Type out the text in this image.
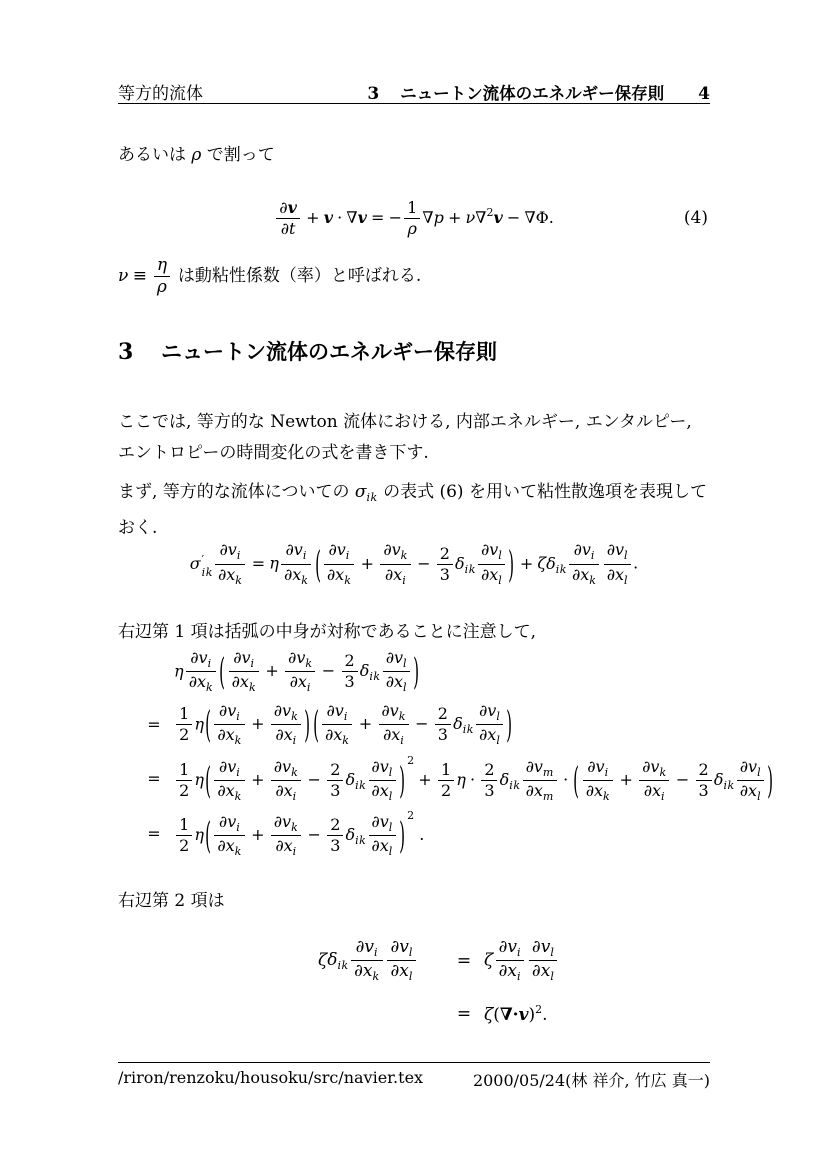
等方的流体	3 ニュートン流体のエネルギー保存則 4

あるいは ρ で割って

$\frac{\partial v}{\partial t} + v \cdot \nabla v$ = − $\frac{1}{\rho} \nabla p + \nu\nabla^2v - \nabla\Phi$.	(4)

$\nu \equiv \frac{\eta}{\rho}$ は動粘性係数（率）と呼ばれる.

3 ニュートン流体のエネルギー保存則

ここでは, 等方的な Newton 流体における, 内部エネルギー, エンタルピー, エントロピーの時間変化の式を書き下す.

まず, 等方的な流体についての $\sigma_{ik}$ の表式 (6) を用いて粘性散逸項を表現しておく.

σ ′
ik $\frac{\partial v_i}{\partial x_k} = \eta \frac{\partial v_i}{\partial x_k}$ ( $\frac{\partial v_i}{\partial x_k} + \frac{\partial v_k}{\partial x_i} - \frac{2}{3} \delta_{ik} \frac{\partial v_l}{\partial x_l}$ ) + $\zeta\delta_{ik} \frac{\partial v_i}{\partial x_k} \frac{\partial v_l}{\partial x_l}$ .

右辺第 1 項は括弧の中身が対称であることに注意して,

η $\frac{\partial v_i}{\partial x_k}$ ( $\frac{\partial v_i}{\partial x_k} + \frac{\partial v_k}{\partial x_i} - \frac{2}{3} \delta_{ik} \frac{\partial v_l}{\partial x_l}$ )
= $\frac{1}{2} \eta( \frac{\partial v_i}{\partial x_k} + \frac{\partial v_k}{\partial x_i}$ ) ( $\frac{\partial v_i}{\partial x_k} + \frac{\partial v_k}{\partial x_i} - \frac{2}{3} \delta_{ik} \frac{\partial v_l}{\partial x_l}$ )
= $\frac{1}{2} \eta( \frac{\partial v_i}{\partial x_k} + \frac{\partial v_k}{\partial x_i} - \frac{2}{3} \delta_{ik} \frac{\partial v_l}{\partial x_l}$ ) $^2+ \frac{1}{2}$ $\eta \cdot \frac{2}{3} \delta_{ik} \frac{\partial v_m}{\partial x_m}$ · ( $\frac{\partial v_i}{\partial x_k} + \frac{\partial v_k}{\partial x_i} - \frac{2}{3} \delta_{ik} \frac{\partial v_l}{\partial x_l}$ )
= $\frac{1}{2} \eta( \frac{\partial v_i}{\partial x_k} + \frac{\partial v_k}{\partial x_i} - \frac{2}{3} \delta_{ik} \frac{\partial v_l}{\partial x_l}$ ) $^2$ .

右辺第 2 項は

$\zeta\delta_{ik} \frac{\partial v_i}{\partial x_k} \frac{\partial v_l}{\partial x_l}$	= ζ $\frac{\partial v_i}{\partial x_i} \frac{\partial v_l}{\partial x_l}$
= $\zeta(\nabla\cdot v)^2$.
/riron/renzoku/housoku/src/navier.tex	2000/05/24(林 祥介, 竹広 真一)
